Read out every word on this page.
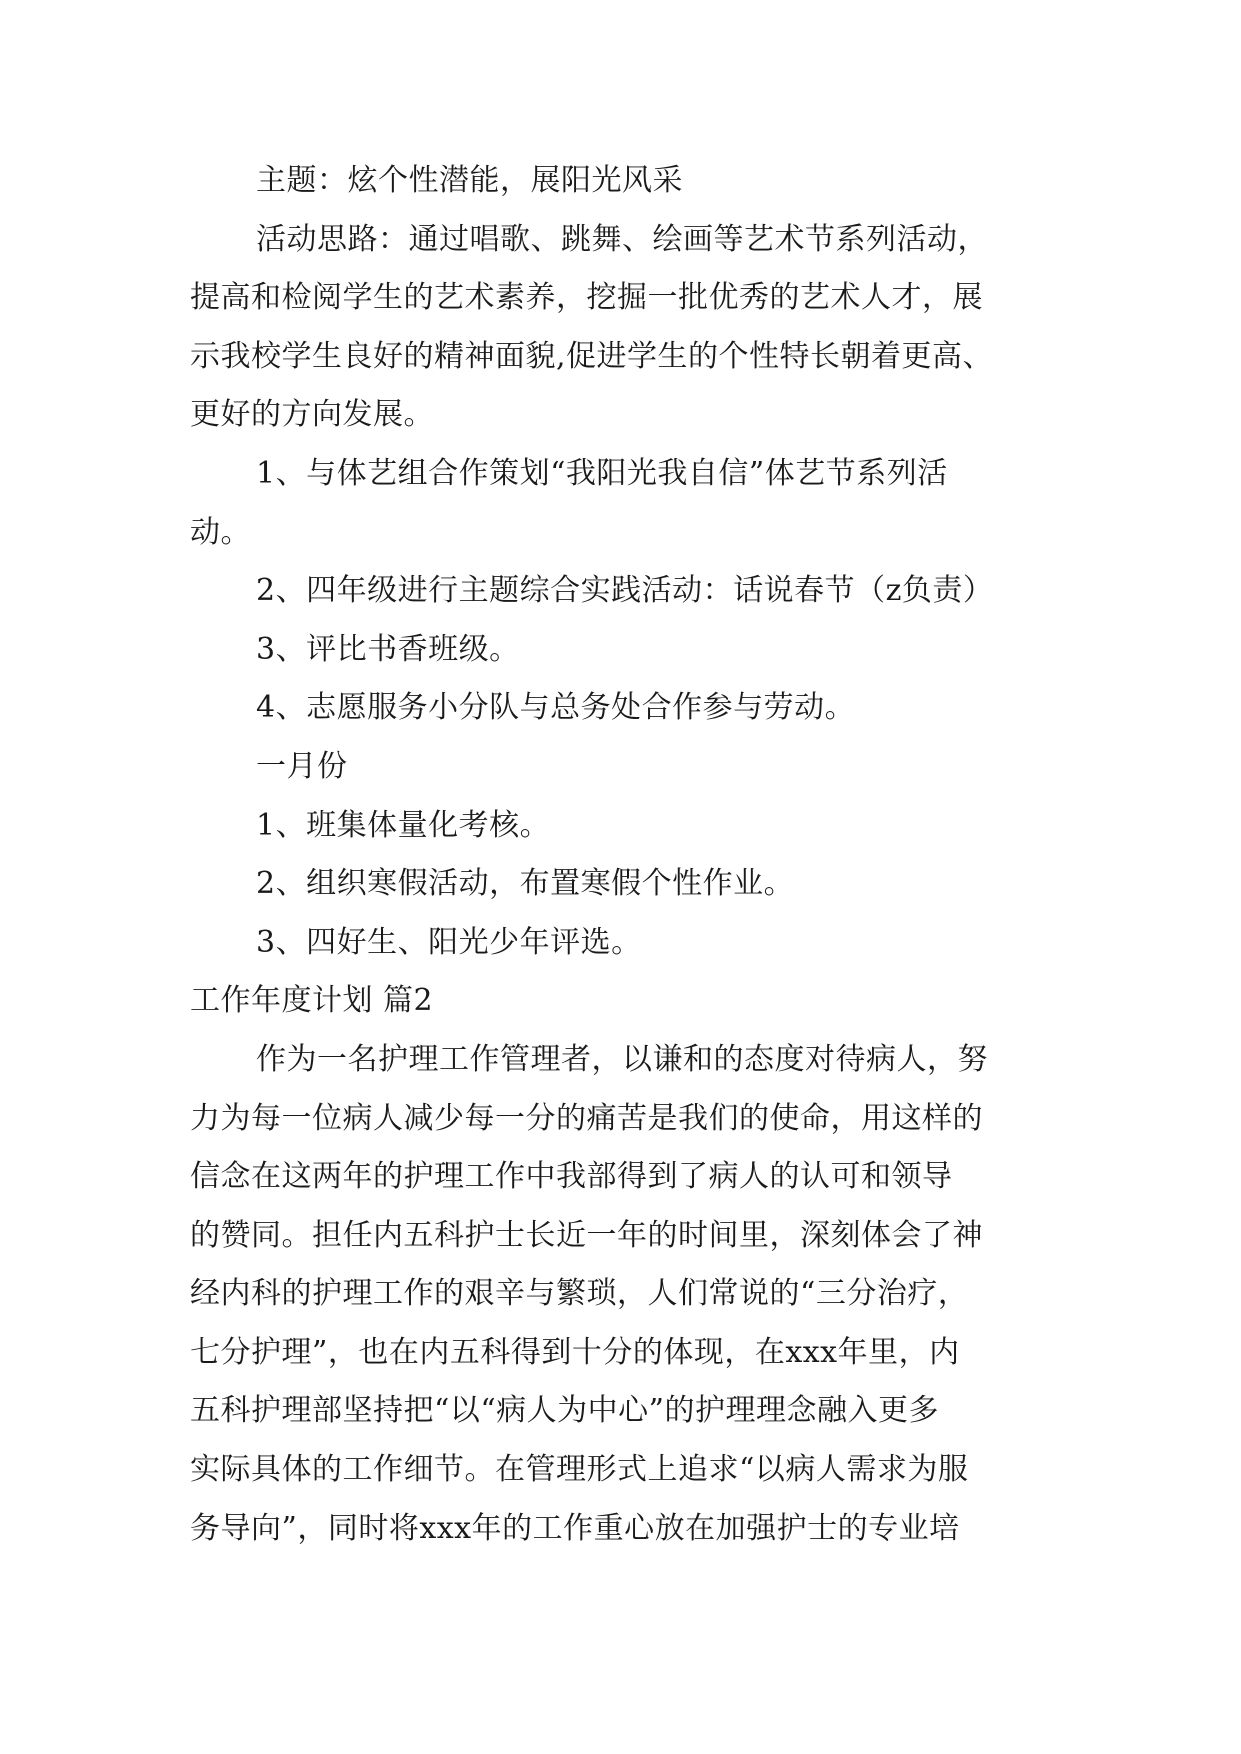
主题：炫个性潜能，展阳光风采
活动思路：通过唱歌、跳舞、绘画等艺术节系列活动，
提高和检阅学生的艺术素养，挖掘一批优秀的艺术人才，展
示我校学生良好的精神面貌,促进学生的个性特长朝着更高、
更好的方向发展。
1、与体艺组合作策划“我阳光我自信”体艺节系列活
动。
2、四年级进行主题综合实践活动：话说春节（z负责）
3、评比书香班级。
4、志愿服务小分队与总务处合作参与劳动。
一月份
1、班集体量化考核。
2、组织寒假活动，布置寒假个性作业。
3、四好生、阳光少年评选。
工作年度计划 篇2
作为一名护理工作管理者，以谦和的态度对待病人，努
力为每一位病人减少每一分的痛苦是我们的使命，用这样的
信念在这两年的护理工作中我部得到了病人的认可和领导
的赞同。担任内五科护士长近一年的时间里，深刻体会了神
经内科的护理工作的艰辛与繁琐，人们常说的“三分治疗，
七分护理”，也在内五科得到十分的体现，在xxx年里，内
五科护理部坚持把“以“病人为中心”的护理理念融入更多
实际具体的工作细节。在管理形式上追求“以病人需求为服
务导向”，同时将xxx年的工作重心放在加强护士的专业培
